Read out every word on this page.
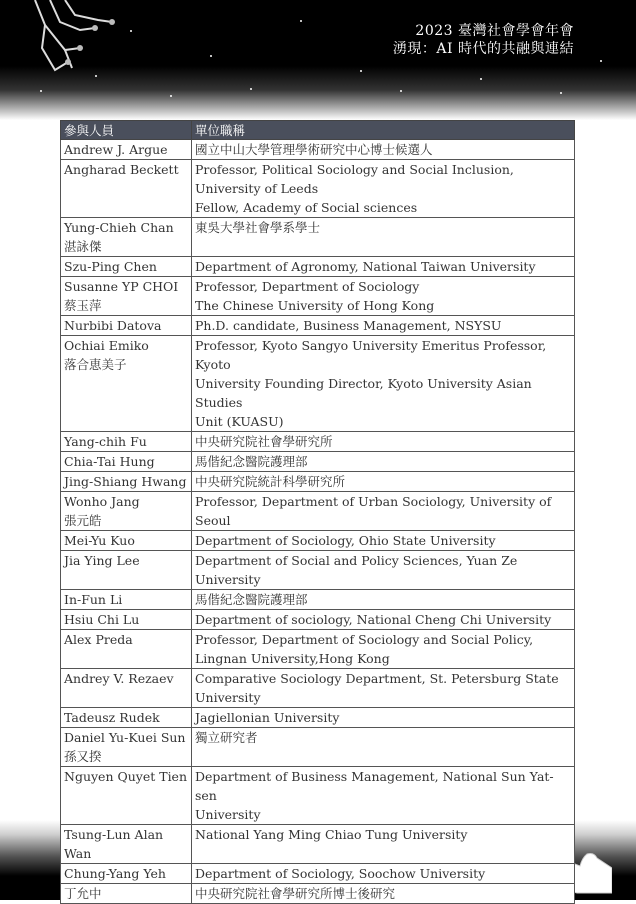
2023 臺灣社會學會年會
湧現：AI 時代的共融與連結
參與人員	單位職稱
Andrew J. Argue	國立中山大學管理學術研究中心博士候選人
Angharad Beckett	Professor, Political Sociology and Social Inclusion,
University of Leeds
Fellow, Academy of Social sciences
Yung-Chieh Chan
湛詠傑	東吳大學社會學系學士
Szu-Ping Chen	Department of Agronomy, National Taiwan University
Susanne YP CHOI
蔡玉萍	Professor, Department of Sociology
The Chinese University of Hong Kong
Nurbibi Datova	Ph.D. candidate, Business Management, NSYSU
Ochiai Emiko
落合恵美子	Professor, Kyoto Sangyo University Emeritus Professor, Kyoto
University Founding Director, Kyoto University Asian Studies
Unit (KUASU)
Yang-chih Fu	中央研究院社會學研究所
Chia-Tai Hung	馬偕紀念醫院護理部
Jing-Shiang Hwang	中央研究院統計科學研究所
Wonho Jang
張元皓	Professor, Department of Urban Sociology, University of
Seoul
Mei-Yu Kuo	Department of Sociology, Ohio State University
Jia Ying Lee	Department of Social and Policy Sciences, Yuan Ze University
In-Fun Li	馬偕紀念醫院護理部
Hsiu Chi Lu	Department of sociology, National Cheng Chi University
Alex Preda	Professor, Department of Sociology and Social Policy,
Lingnan University,Hong Kong
Andrey V. Rezaev	Comparative Sociology Department, St. Petersburg State
University
Tadeusz Rudek	Jagiellonian University
Daniel Yu-Kuei Sun
孫又揆	獨立研究者
Nguyen Quyet Tien	Department of Business Management, National Sun Yat-sen
University
Tsung-Lun Alan
Wan	National Yang Ming Chiao Tung University
Chung-Yang Yeh	Department of Sociology, Soochow University
丁允中	中央研究院社會學研究所博士後研究
41
